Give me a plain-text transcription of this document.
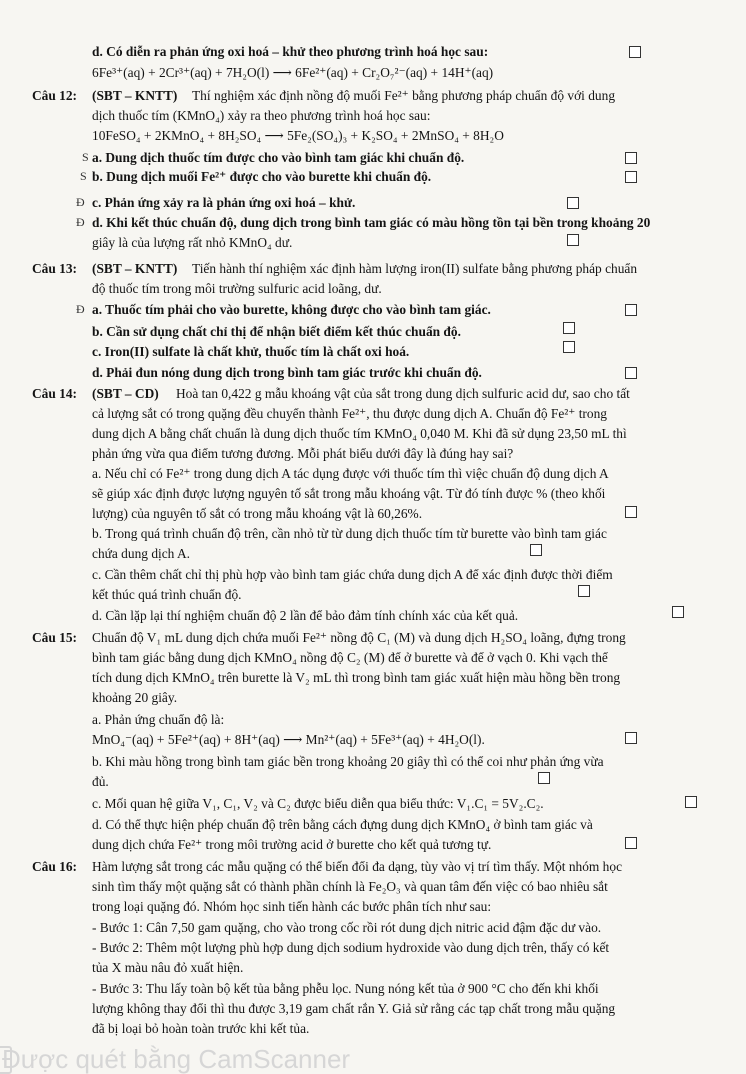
d. Có diễn ra phản ứng oxi hoá – khử theo phương trình hoá học sau:
6Fe³⁺(aq) + 2Cr³⁺(aq) + 7H₂O(l) ⟶ 6Fe²⁺(aq) + Cr₂O₇²⁻(aq) + 14H⁺(aq)
Câu 12: (SBT – KNTT) Thí nghiệm xác định nồng độ muối Fe²⁺ bằng phương pháp chuẩn độ với dung
dịch thuốc tím (KMnO₄) xảy ra theo phương trình hoá học sau:
10FeSO₄ + 2KMnO₄ + 8H₂SO₄ ⟶ 5Fe₂(SO₄)₃ + K₂SO₄ + 2MnSO₄ + 8H₂O
S a. Dung dịch thuốc tím được cho vào bình tam giác khi chuẩn độ.
S b. Dung dịch muối Fe²⁺ được cho vào burette khi chuẩn độ.
Đ c. Phản ứng xảy ra là phản ứng oxi hoá – khử.
Đ d. Khi kết thúc chuẩn độ, dung dịch trong bình tam giác có màu hồng tồn tại bền trong khoảng 20
giây là của lượng rất nhỏ KMnO₄ dư.
Câu 13: (SBT – KNTT) Tiến hành thí nghiệm xác định hàm lượng iron(II) sulfate bằng phương pháp chuẩn
độ thuốc tím trong môi trường sulfuric acid loãng, dư.
Đ a. Thuốc tím phải cho vào burette, không được cho vào bình tam giác.
b. Cần sử dụng chất chỉ thị để nhận biết điểm kết thúc chuẩn độ.
c. Iron(II) sulfate là chất khử, thuốc tím là chất oxi hoá.
d. Phải đun nóng dung dịch trong bình tam giác trước khi chuẩn độ.
Câu 14: (SBT – CD) Hoà tan 0,422 g mẫu khoáng vật của sắt trong dung dịch sulfuric acid dư, sao cho tất
cả lượng sắt có trong quặng đều chuyển thành Fe²⁺, thu được dung dịch A. Chuẩn độ Fe²⁺ trong
dung dịch A bằng chất chuẩn là dung dịch thuốc tím KMnO₄ 0,040 M. Khi đã sử dụng 23,50 mL thì
phản ứng vừa qua điểm tương đương. Mỗi phát biểu dưới đây là đúng hay sai?
a. Nếu chỉ có Fe²⁺ trong dung dịch A tác dụng được với thuốc tím thì việc chuẩn độ dung dịch A
sẽ giúp xác định được lượng nguyên tố sắt trong mẫu khoáng vật. Từ đó tính được % (theo khối
lượng) của nguyên tố sắt có trong mẫu khoáng vật là 60,26%.
b. Trong quá trình chuẩn độ trên, cần nhỏ từ từ dung dịch thuốc tím từ burette vào bình tam giác
chứa dung dịch A.
c. Cần thêm chất chỉ thị phù hợp vào bình tam giác chứa dung dịch A để xác định được thời điểm
kết thúc quá trình chuẩn độ.
d. Cần lặp lại thí nghiệm chuẩn độ 2 lần để bảo đảm tính chính xác của kết quả.
Câu 15: Chuẩn độ V₁ mL dung dịch chứa muối Fe²⁺ nồng độ C₁ (M) và dung dịch H₂SO₄ loãng, đựng trong
bình tam giác bằng dung dịch KMnO₄ nồng độ C₂ (M) để ở burette và để ở vạch 0. Khi vạch thể
tích dung dịch KMnO₄ trên burette là V₂ mL thì trong bình tam giác xuất hiện màu hồng bền trong
khoảng 20 giây.
a. Phản ứng chuẩn độ là:
MnO₄⁻(aq) + 5Fe²⁺(aq) + 8H⁺(aq) ⟶ Mn²⁺(aq) + 5Fe³⁺(aq) + 4H₂O(l).
b. Khi màu hồng trong bình tam giác bền trong khoảng 20 giây thì có thể coi như phản ứng vừa
đủ.
c. Mối quan hệ giữa V₁, C₁, V₂ và C₂ được biểu diễn qua biểu thức: V₁.C₁ = 5V₂.C₂.
d. Có thể thực hiện phép chuẩn độ trên bằng cách đựng dung dịch KMnO₄ ở bình tam giác và
dung dịch chứa Fe²⁺ trong môi trường acid ở burette cho kết quả tương tự.
Câu 16: Hàm lượng sắt trong các mẫu quặng có thể biến đổi đa dạng, tùy vào vị trí tìm thấy. Một nhóm học
sinh tìm thấy một quặng sắt có thành phần chính là Fe₂O₃ và quan tâm đến việc có bao nhiêu sắt
trong loại quặng đó. Nhóm học sinh tiến hành các bước phân tích như sau:
- Bước 1: Cân 7,50 gam quặng, cho vào trong cốc rồi rót dung dịch nitric acid đậm đặc dư vào.
- Bước 2: Thêm một lượng phù hợp dung dịch sodium hydroxide vào dung dịch trên, thấy có kết
tủa X màu nâu đỏ xuất hiện.
- Bước 3: Thu lấy toàn bộ kết tủa bằng phễu lọc. Nung nóng kết tủa ở 900 °C cho đến khi khối
lượng không thay đổi thì thu được 3,19 gam chất rắn Y. Giả sử rằng các tạp chất trong mẫu quặng
đã bị loại bỏ hoàn toàn trước khi kết tủa.
Được quét bằng CamScanner
